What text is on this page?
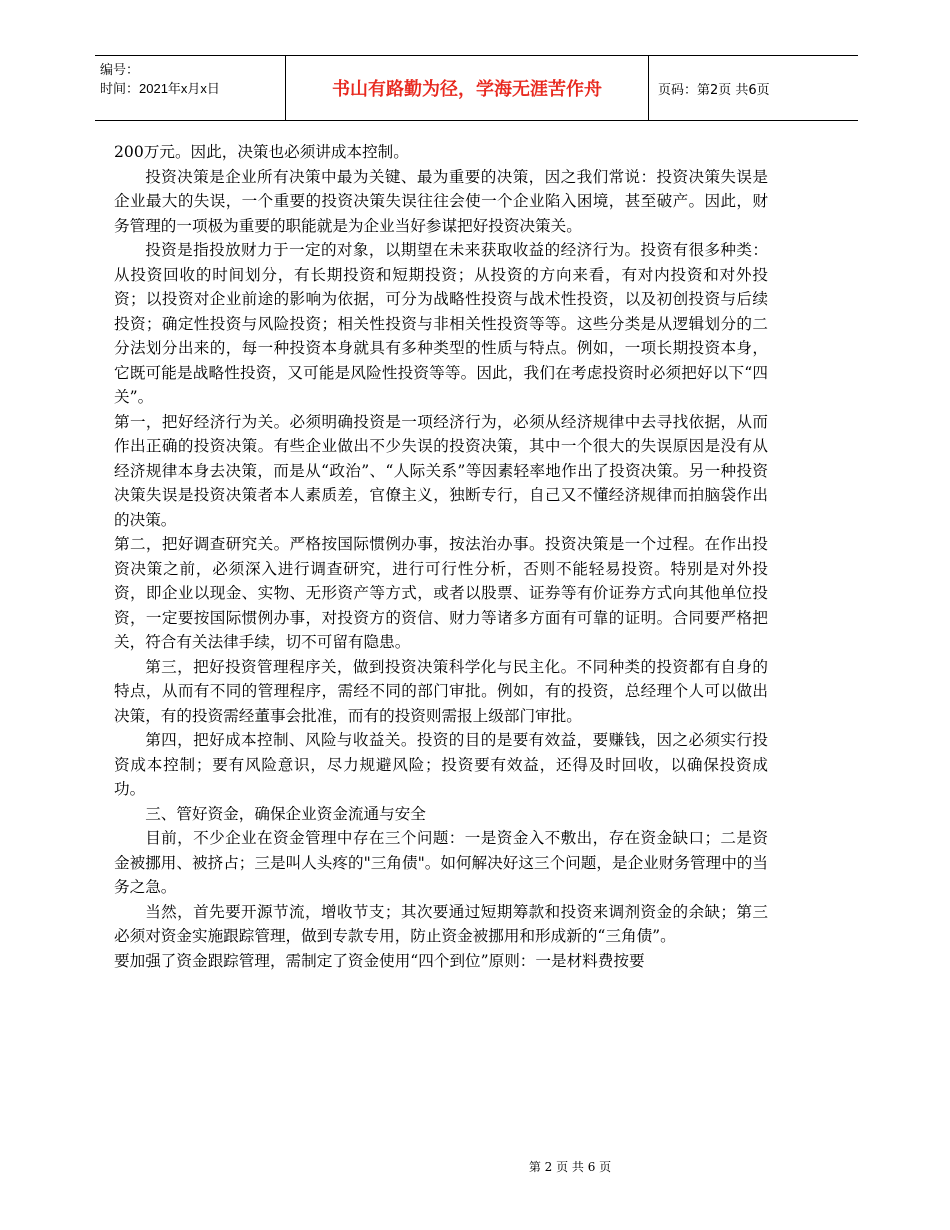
编号：
时间：2021年x月x日	书山有路勤为径，学海无涯苦作舟	页码：第2页 共6页

200万元。因此，决策也必须讲成本控制。

投资决策是企业所有决策中最为关键、最为重要的决策，因之我们常说：投资决策失误是企业最大的失误，一个重要的投资决策失误往往会使一个企业陷入困境，甚至破产。因此，财务管理的一项极为重要的职能就是为企业当好参谋把好投资决策关。

投资是指投放财力于一定的对象，以期望在未来获取收益的经济行为。投资有很多种类：从投资回收的时间划分，有长期投资和短期投资；从投资的方向来看，有对内投资和对外投资；以投资对企业前途的影响为依据，可分为战略性投资与战术性投资，以及初创投资与后续投资；确定性投资与风险投资；相关性投资与非相关性投资等等。这些分类是从逻辑划分的二分法划分出来的，每一种投资本身就具有多种类型的性质与特点。例如，一项长期投资本身，它既可能是战略性投资，又可能是风险性投资等等。因此，我们在考虑投资时必须把好以下“四关”。

第一，把好经济行为关。必须明确投资是一项经济行为，必须从经济规律中去寻找依据，从而作出正确的投资决策。有些企业做出不少失误的投资决策，其中一个很大的失误原因是没有从经济规律本身去决策，而是从“政治”、“人际关系”等因素轻率地作出了投资决策。另一种投资决策失误是投资决策者本人素质差，官僚主义，独断专行，自己又不懂经济规律而拍脑袋作出的决策。

第二，把好调查研究关。严格按国际惯例办事，按法治办事。投资决策是一个过程。在作出投资决策之前，必须深入进行调查研究，进行可行性分析，否则不能轻易投资。特别是对外投资，即企业以现金、实物、无形资产等方式，或者以股票、证券等有价证券方式向其他单位投资，一定要按国际惯例办事，对投资方的资信、财力等诸多方面有可靠的证明。合同要严格把关，符合有关法律手续，切不可留有隐患。

第三，把好投资管理程序关，做到投资决策科学化与民主化。不同种类的投资都有自身的特点，从而有不同的管理程序，需经不同的部门审批。例如，有的投资，总经理个人可以做出决策，有的投资需经董事会批准，而有的投资则需报上级部门审批。

第四，把好成本控制、风险与收益关。投资的目的是要有效益，要赚钱，因之必须实行投资成本控制；要有风险意识，尽力规避风险；投资要有效益，还得及时回收，以确保投资成功。

三、管好资金，确保企业资金流通与安全

目前，不少企业在资金管理中存在三个问题：一是资金入不敷出，存在资金缺口；二是资金被挪用、被挤占；三是叫人头疼的"三角债"。如何解决好这三个问题，是企业财务管理中的当务之急。

当然，首先要开源节流，增收节支；其次要通过短期筹款和投资来调剂资金的余缺；第三必须对资金实施跟踪管理，做到专款专用，防止资金被挪用和形成新的“三角债”。

要加强了资金跟踪管理，需制定了资金使用“四个到位”原则：一是材料费按要

第 2 页 共 6 页
